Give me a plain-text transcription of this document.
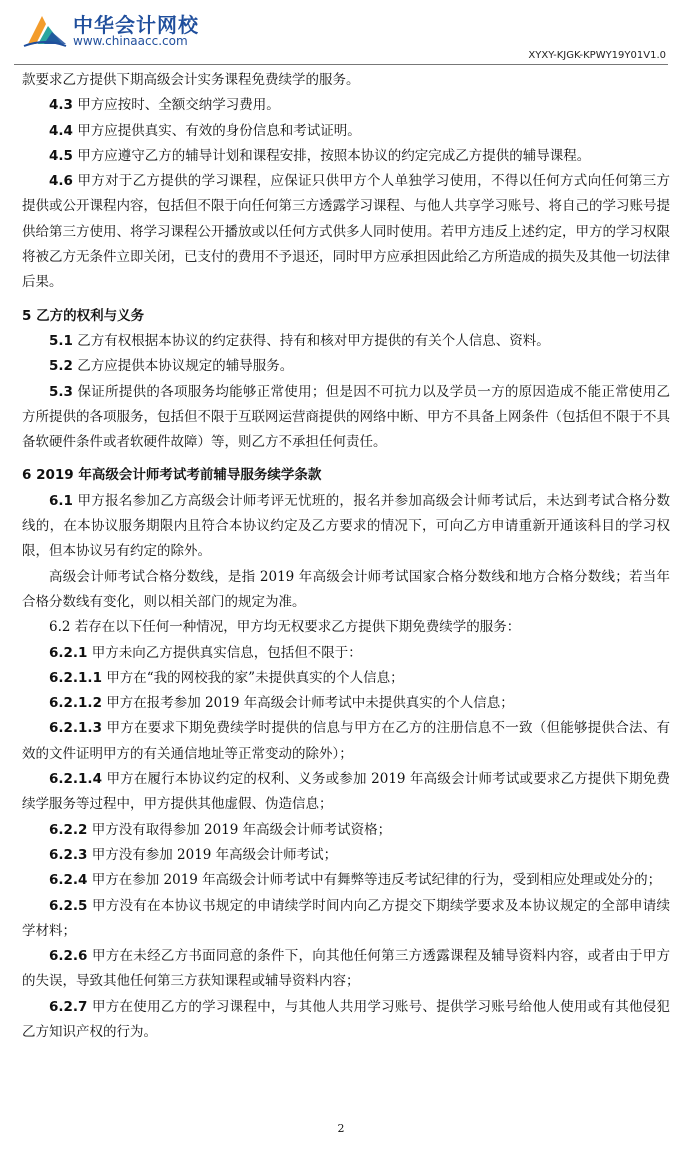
中华会计网校
www.chinaacc.com
XYXY-KJGK-KPWY19Y01V1.0

款要求乙方提供下期高级会计实务课程免费续学的服务。

4.3 甲方应按时、全额交纳学习费用。

4.4 甲方应提供真实、有效的身份信息和考试证明。

4.5 甲方应遵守乙方的辅导计划和课程安排，按照本协议的约定完成乙方提供的辅导课程。

4.6 甲方对于乙方提供的学习课程，应保证只供甲方个人单独学习使用，不得以任何方式向任何第三方提供或公开课程内容，包括但不限于向任何第三方透露学习课程、与他人共享学习账号、将自己的学习账号提供给第三方使用、将学习课程公开播放或以任何方式供多人同时使用。若甲方违反上述约定，甲方的学习权限将被乙方无条件立即关闭，已支付的费用不予退还，同时甲方应承担因此给乙方所造成的损失及其他一切法律后果。

5 乙方的权利与义务

5.1 乙方有权根据本协议的约定获得、持有和核对甲方提供的有关个人信息、资料。

5.2 乙方应提供本协议规定的辅导服务。

5.3 保证所提供的各项服务均能够正常使用；但是因不可抗力以及学员一方的原因造成不能正常使用乙方所提供的各项服务，包括但不限于互联网运营商提供的网络中断、甲方不具备上网条件（包括但不限于不具备软硬件条件或者软硬件故障）等，则乙方不承担任何责任。

6 2019 年高级会计师考试考前辅导服务续学条款

6.1 甲方报名参加乙方高级会计师考评无忧班的，报名并参加高级会计师考试后，未达到考试合格分数线的，在本协议服务期限内且符合本协议约定及乙方要求的情况下，可向乙方申请重新开通该科目的学习权限，但本协议另有约定的除外。

高级会计师考试合格分数线，是指 2019 年高级会计师考试国家合格分数线和地方合格分数线；若当年合格分数线有变化，则以相关部门的规定为准。

6.2 若存在以下任何一种情况，甲方均无权要求乙方提供下期免费续学的服务：

6.2.1 甲方未向乙方提供真实信息，包括但不限于：

6.2.1.1 甲方在“我的网校我的家”未提供真实的个人信息；

6.2.1.2 甲方在报考参加 2019 年高级会计师考试中未提供真实的个人信息；

6.2.1.3 甲方在要求下期免费续学时提供的信息与甲方在乙方的注册信息不一致（但能够提供合法、有效的文件证明甲方的有关通信地址等正常变动的除外）；

6.2.1.4 甲方在履行本协议约定的权利、义务或参加 2019 年高级会计师考试或要求乙方提供下期免费续学服务等过程中，甲方提供其他虚假、伪造信息；

6.2.2 甲方没有取得参加 2019 年高级会计师考试资格；

6.2.3 甲方没有参加 2019 年高级会计师考试；

6.2.4 甲方在参加 2019 年高级会计师考试中有舞弊等违反考试纪律的行为，受到相应处理或处分的；

6.2.5 甲方没有在本协议书规定的申请续学时间内向乙方提交下期续学要求及本协议规定的全部申请续学材料；

6.2.6 甲方在未经乙方书面同意的条件下，向其他任何第三方透露课程及辅导资料内容，或者由于甲方的失误，导致其他任何第三方获知课程或辅导资料内容；

6.2.7 甲方在使用乙方的学习课程中，与其他人共用学习账号、提供学习账号给他人使用或有其他侵犯乙方知识产权的行为。

2
